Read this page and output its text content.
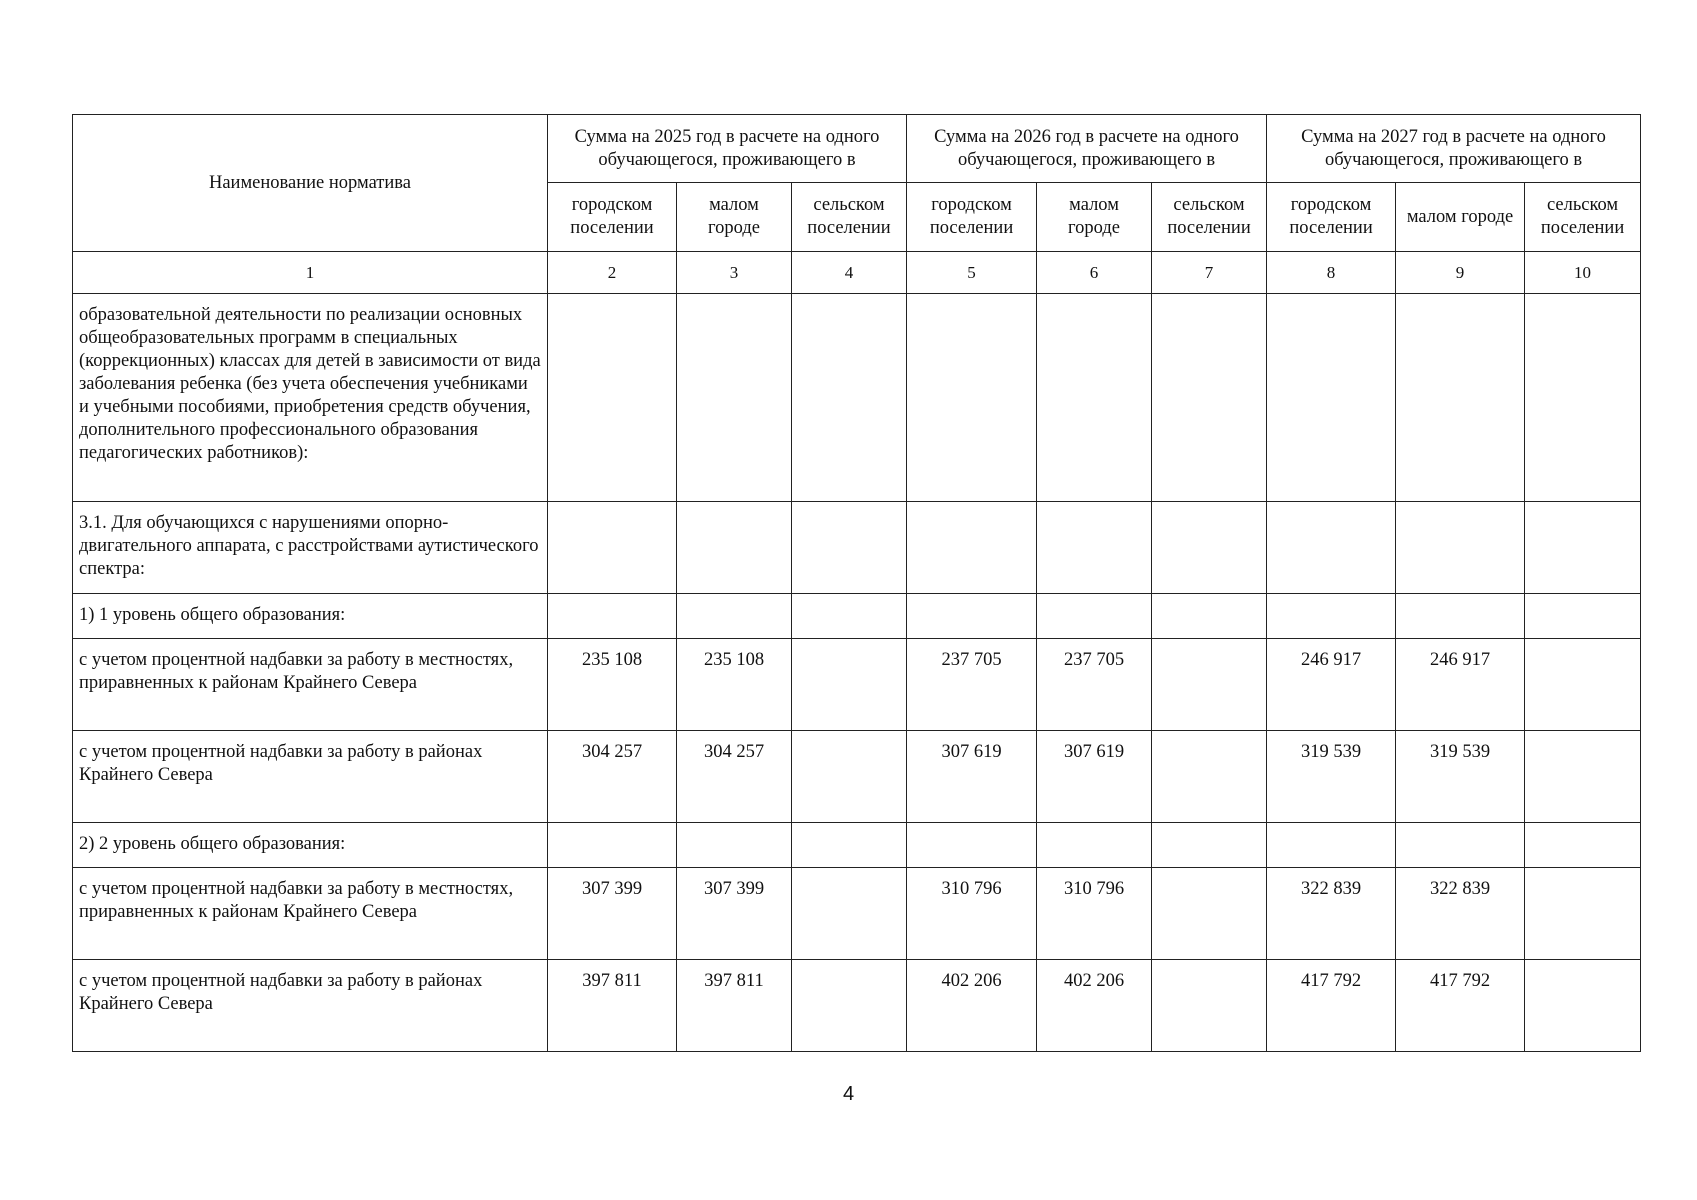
Наименование норматива	Сумма на 2025 год в расчете на одного обучающегося, проживающего в			Сумма на 2026 год в расчете на одного обучающегося, проживающего в			Сумма на 2027 год в расчете на одного обучающегося, проживающего в		
	городском поселении	малом городе	сельском поселении	городском поселении	малом городе	сельском поселении	городском поселении	малом городе	сельском поселении
1	2	3	4	5	6	7	8	9	10
образовательной деятельности по реализации основных общеобразовательных программ в специальных (коррекционных) классах для детей в зависимости от вида заболевания ребенка (без учета обеспечения учебниками и учебными пособиями, приобретения средств обучения, дополнительного профессионального образования педагогических работников):									
3.1. Для обучающихся с нарушениями опорно-двигательного аппарата, с расстройствами аутистического спектра:									
1) 1 уровень общего образования:									
с учетом процентной надбавки за работу в местностях, приравненных к районам Крайнего Севера	235 108	235 108		237 705	237 705		246 917	246 917	
с учетом процентной надбавки за работу в районах Крайнего Севера	304 257	304 257		307 619	307 619		319 539	319 539	
2) 2 уровень общего образования:									
с учетом процентной надбавки за работу в местностях, приравненных к районам Крайнего Севера	307 399	307 399		310 796	310 796		322 839	322 839	
с учетом процентной надбавки за работу в районах Крайнего Севера	397 811	397 811		402 206	402 206		417 792	417 792	
4
